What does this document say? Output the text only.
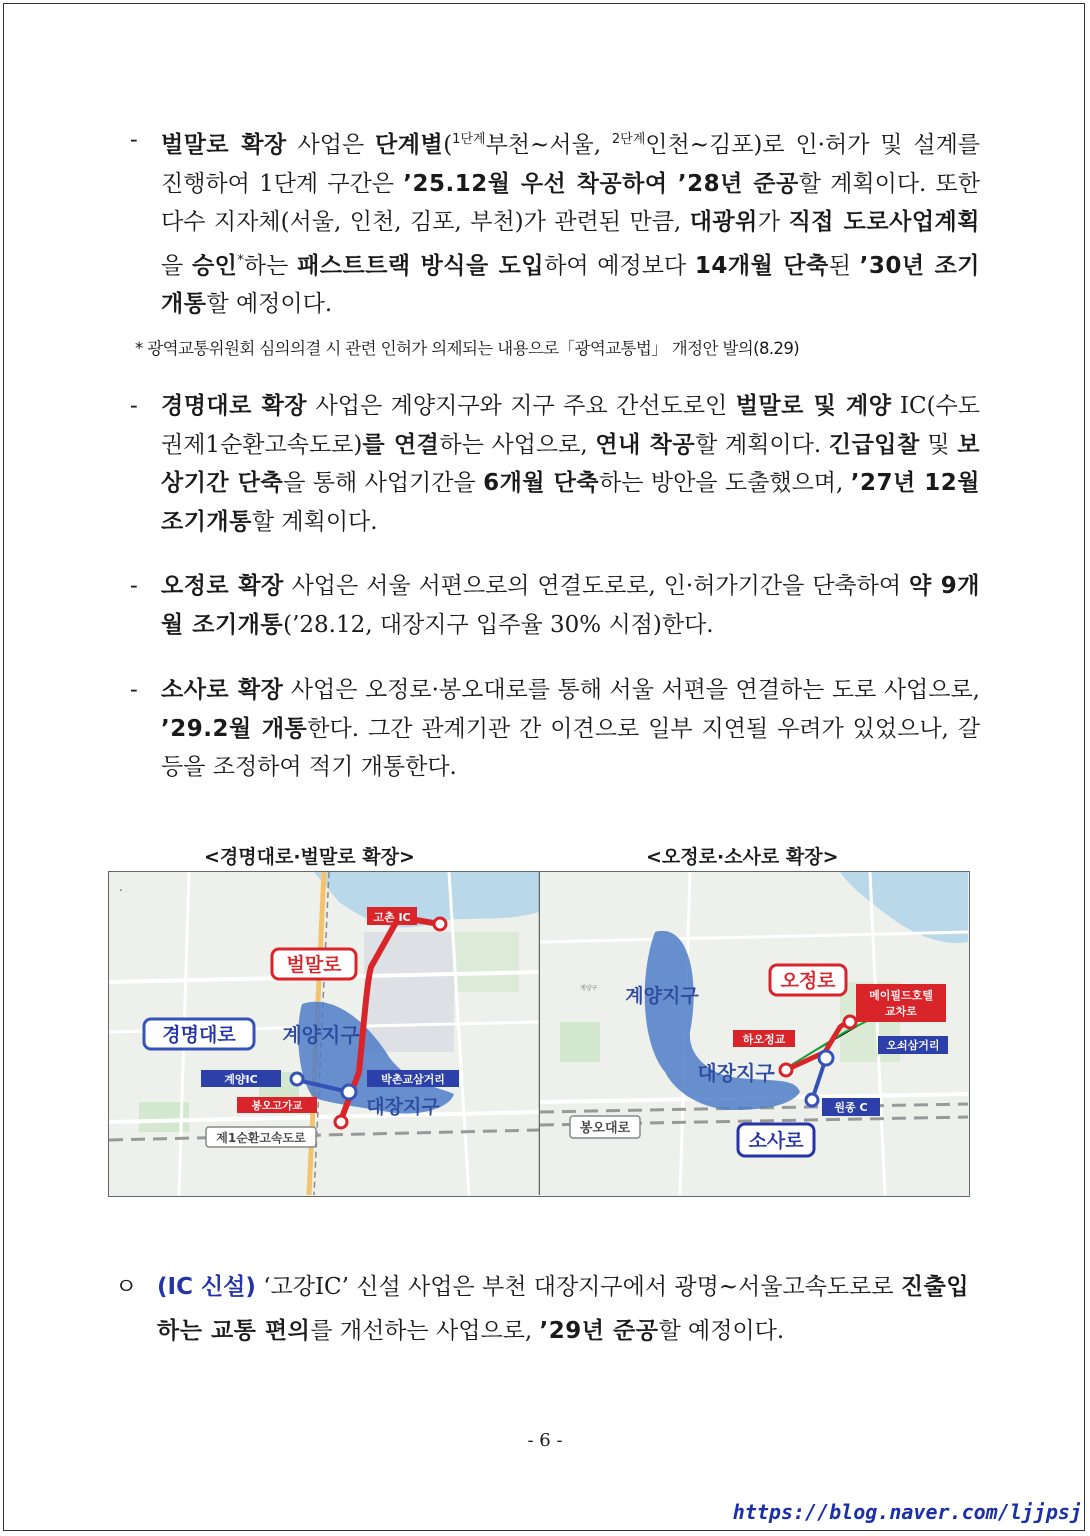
-	벌말로 확장 사업은 단계별($^{1단계}$부천~서울, $^{2단계}$인천~김포)로 인·허가 및 설계를 진행하여 1단계 구간은 ’25.12월 우선 착공하여 ’28년 준공할 계획이다. 또한 다수 지자체(서울, 인천, 김포, 부천)가 관련된 만큼, 대광위가 직접 도로사업계획을 승인*하는 패스트트랙 방식을 도입하여 예정보다 14개월 단축된 ’30년 조기 개통할 예정이다.
* 광역교통위원회 심의의결 시 관련 인허가 의제되는 내용으로「광역교통법」 개정안 발의(8.29)
-	경명대로 확장 사업은 계양지구와 지구 주요 간선도로인 벌말로 및 계양 IC(수도권제1순환고속도로)를 연결하는 사업으로, 연내 착공할 계획이다. 긴급입찰 및 보상기간 단축을 통해 사업기간을 6개월 단축하는 방안을 도출했으며, ’27년 12월 조기개통할 계획이다.
-	오정로 확장 사업은 서울 서편으로의 연결도로로, 인·허가기간을 단축하여 약 9개월 조기개통(’28.12, 대장지구 입주율 30% 시점)한다.
-	소사로 확장 사업은 오정로·봉오대로를 통해 서울 서편을 연결하는 도로 사업으로, ’29.2월 개통한다. 그간 관계기관 간 이견으로 일부 지연될 우려가 있었으나, 갈등을 조정하여 적기 개통한다.
<경명대로·벌말로 확장>	<오정로·소사로 확장>
∙
고촌 IC
벌말로
경명대로 계양지구
계양IC	박촌교삼거리
봉오고가교	대장지구
제1순환고속도로
오정로
계양지구
계양구
메이필드호텔
교차로
하오정교	오쇠삼거리
대장지구
원종 C
봉오대로
소사로
ㅇ (IC 신설) ‘고강IC’ 신설 사업은 부천 대장지구에서 광명~서울고속도로로 진출입하는 교통 편의를 개선하는 사업으로, ’29년 준공할 예정이다.
- 6 -
https://blog.naver.com/ljjpsj
